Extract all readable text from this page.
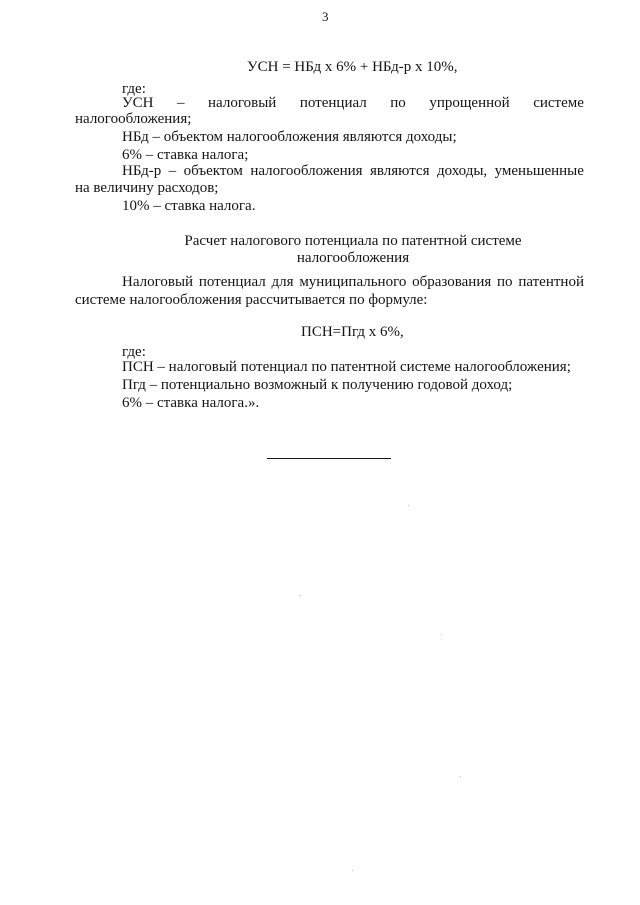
3
УСН = НБд х 6% + НБд-р х 10%,
где:
УСН – налоговый потенциал по упрощенной системе
налогообложения;
НБд – объектом налогообложения являются доходы;
6% – ставка налога;
НБд-р – объектом налогообложения являются доходы, уменьшенные
на величину расходов;
10% – ставка налога.
Расчет налогового потенциала по патентной системе
налогообложения
Налоговый потенциал для муниципального образования по патентной
системе налогообложения рассчитывается по формуле:
ПСН=Пгд х 6%,
где:
ПСН – налоговый потенциал по патентной системе налогообложения;
Пгд – потенциально возможный к получению годовой доход;
6% – ставка налога.».
